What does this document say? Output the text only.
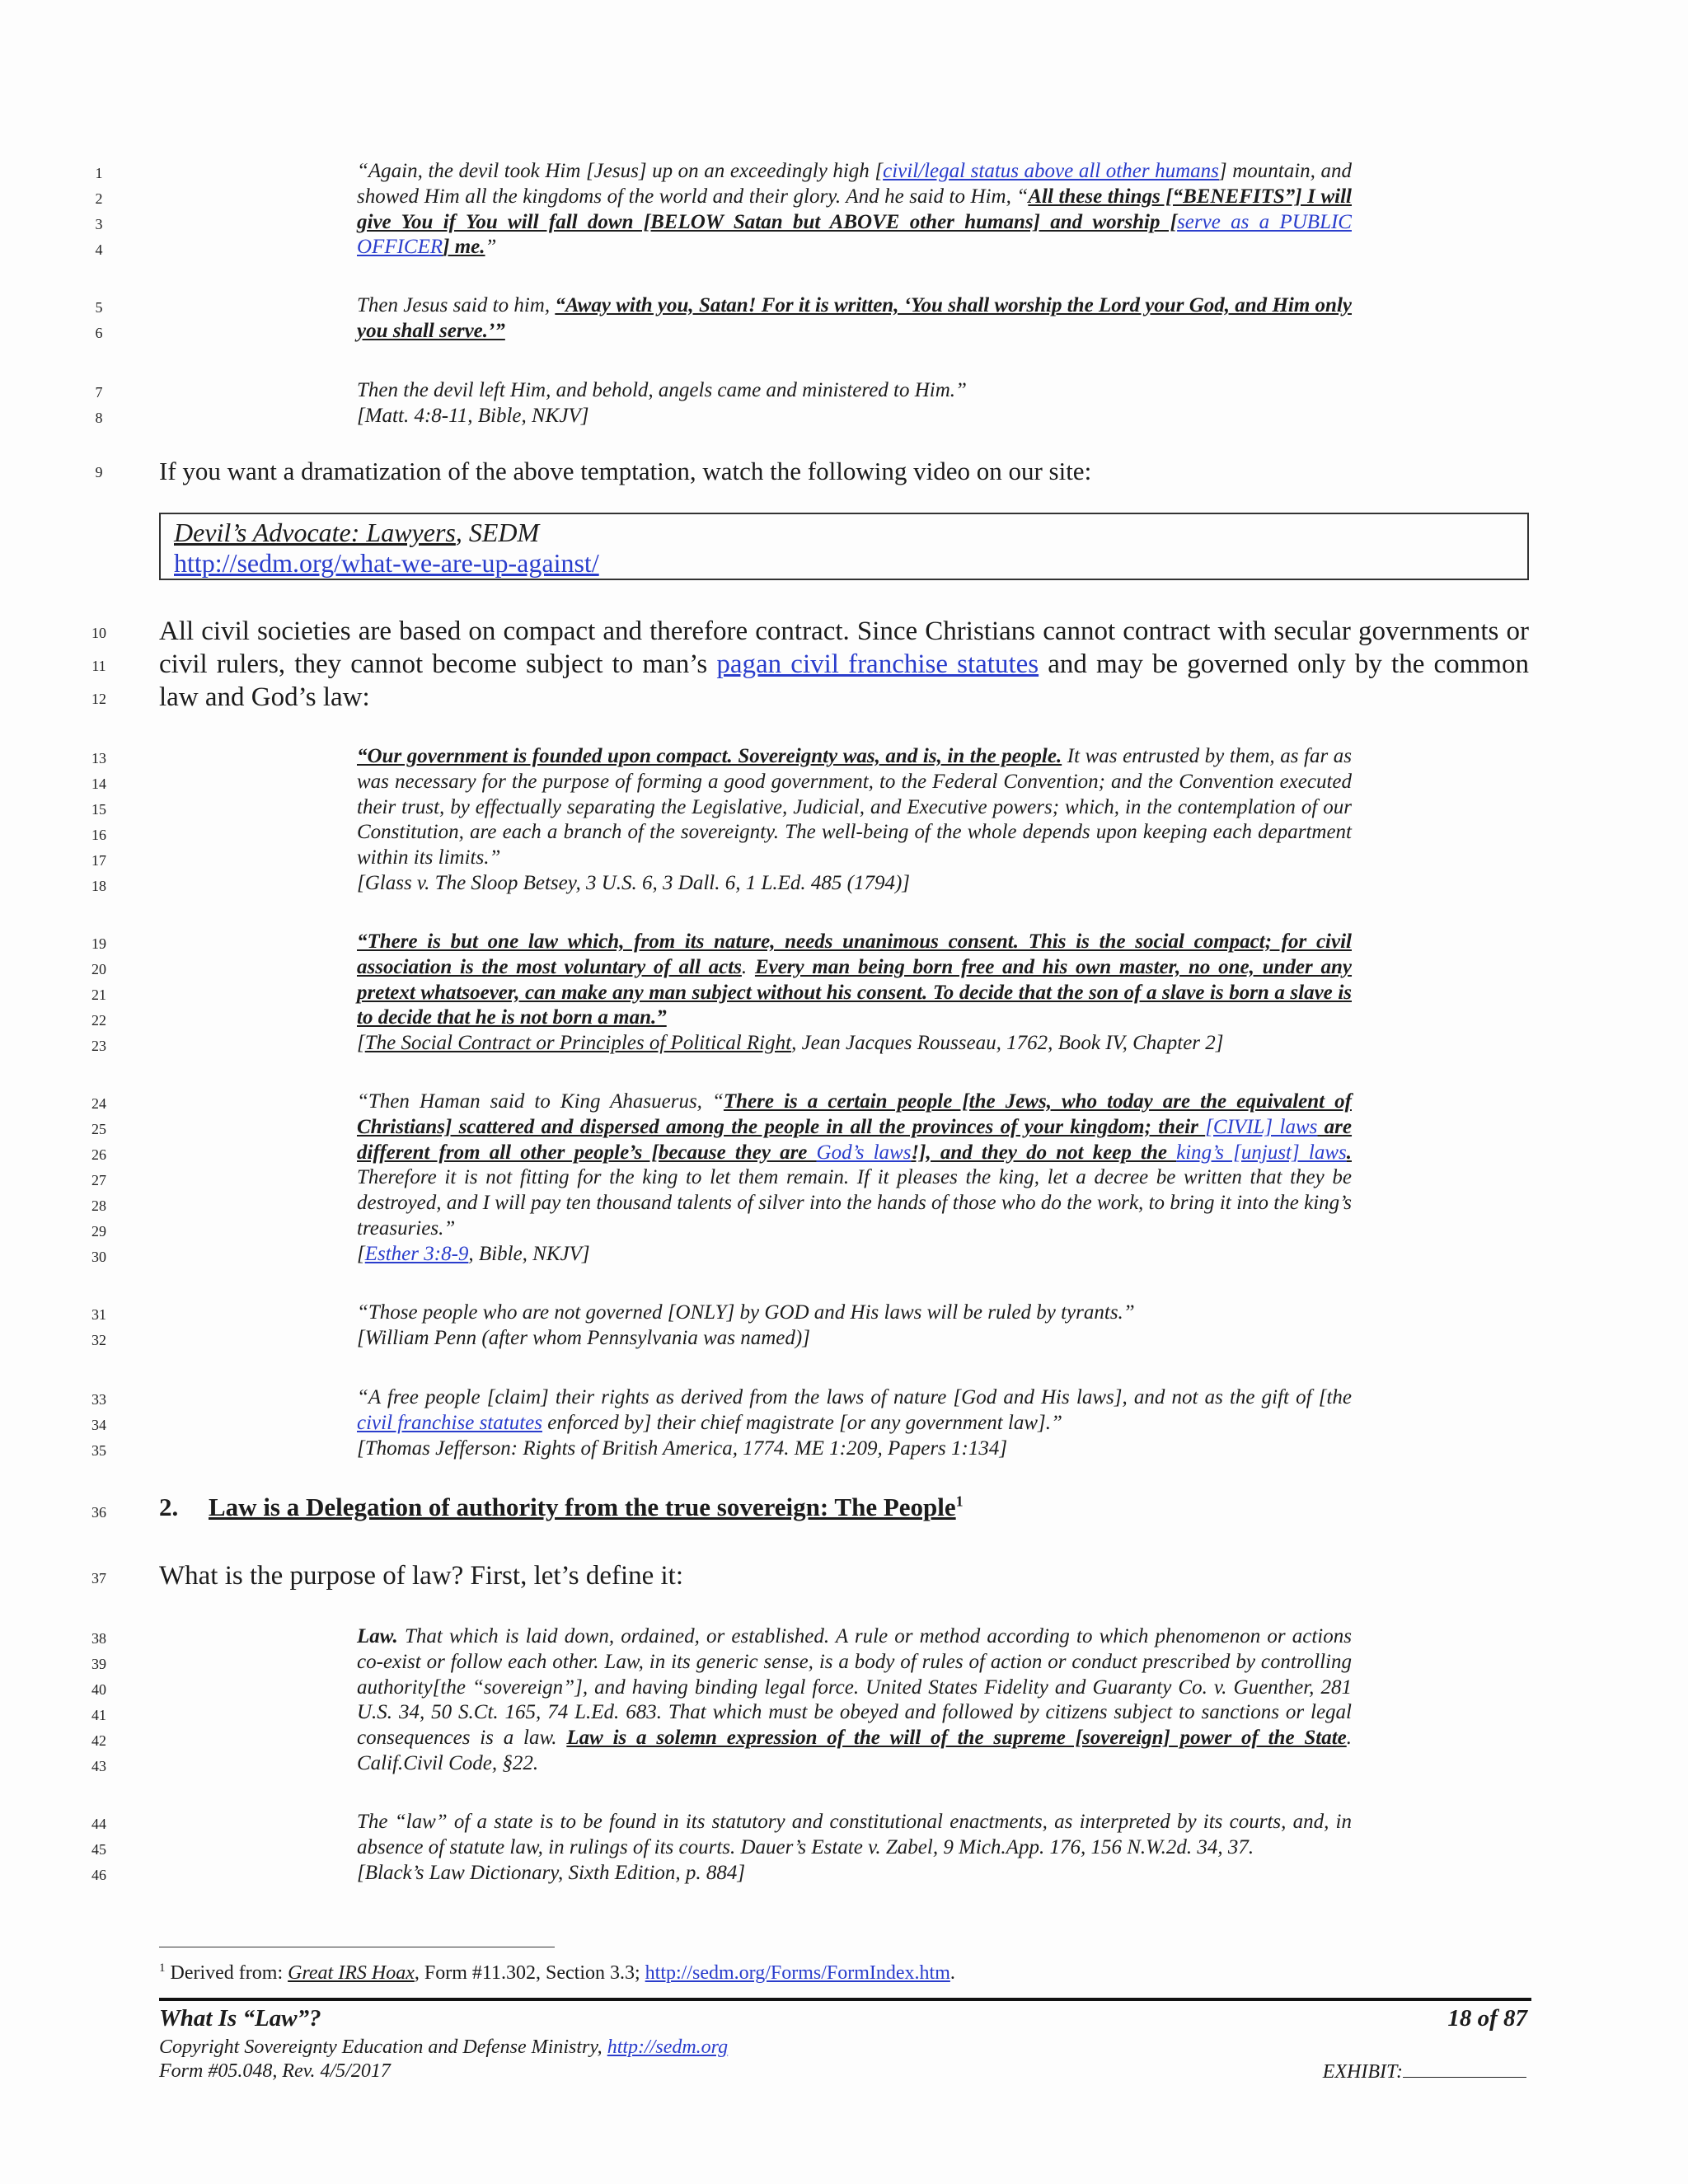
1
2
3
4
5
6
7
8
9
10
11
12
13
14
15
16
17
18
19
20
21
22
23
24
25
26
27
28
29
30
31
32
33
34
35
36
37
38
39
40
41
42
43
44
45
46

“Again, the devil took Him [Jesus] up on an exceedingly high [civil/legal status above all other humans] mountain, and showed Him all the kingdoms of the world and their glory. And he said to Him, “All these things [“BENEFITS”] I will give You if You will fall down [BELOW Satan but ABOVE other humans] and worship [serve as a PUBLIC OFFICER] me.”

Then Jesus said to him, “Away with you, Satan! For it is written, ‘You shall worship the Lord your God, and Him only you shall serve.’”

Then the devil left Him, and behold, angels came and ministered to Him.”
[Matt. 4:8-11, Bible, NKJV]

If you want a dramatization of the above temptation, watch the following video on our site:

Devil’s Advocate: Lawyers, SEDM
http://sedm.org/what-we-are-up-against/

All civil societies are based on compact and therefore contract. Since Christians cannot contract with secular governments or civil rulers, they cannot become subject to man’s pagan civil franchise statutes and may be governed only by the common law and God’s law:

“Our government is founded upon compact. Sovereignty was, and is, in the people. It was entrusted by them, as far as was necessary for the purpose of forming a good government, to the Federal Convention; and the Convention executed their trust, by effectually separating the Legislative, Judicial, and Executive powers; which, in the contemplation of our Constitution, are each a branch of the sovereignty. The well-being of the whole depends upon keeping each department within its limits.”
[Glass v. The Sloop Betsey, 3 U.S. 6, 3 Dall. 6, 1 L.Ed. 485 (1794)]

“There is but one law which, from its nature, needs unanimous consent. This is the social compact; for civil association is the most voluntary of all acts. Every man being born free and his own master, no one, under any pretext whatsoever, can make any man subject without his consent. To decide that the son of a slave is born a slave is to decide that he is not born a man.”
[The Social Contract or Principles of Political Right, Jean Jacques Rousseau, 1762, Book IV, Chapter 2]

“Then Haman said to King Ahasuerus, “There is a certain people [the Jews, who today are the equivalent of Christians] scattered and dispersed among the people in all the provinces of your kingdom; their [CIVIL] laws are different from all other people’s [because they are God’s laws!], and they do not keep the king’s [unjust] laws. Therefore it is not fitting for the king to let them remain. If it pleases the king, let a decree be written that they be destroyed, and I will pay ten thousand talents of silver into the hands of those who do the work, to bring it into the king’s treasuries.”
[Esther 3:8-9, Bible, NKJV]

“Those people who are not governed [ONLY] by GOD and His laws will be ruled by tyrants.”
[William Penn (after whom Pennsylvania was named)]

“A free people [claim] their rights as derived from the laws of nature [God and His laws], and not as the gift of [the civil franchise statutes enforced by] their chief magistrate [or any government law].”
[Thomas Jefferson: Rights of British America, 1774. ME 1:209, Papers 1:134]

2. Law is a Delegation of authority from the true sovereign: The People$^1$

What is the purpose of law? First, let’s define it:

Law. That which is laid down, ordained, or established. A rule or method according to which phenomenon or actions co-exist or follow each other. Law, in its generic sense, is a body of rules of action or conduct prescribed by controlling authority[the “sovereign”], and having binding legal force. United States Fidelity and Guaranty Co. v. Guenther, 281 U.S. 34, 50 S.Ct. 165, 74 L.Ed. 683. That which must be obeyed and followed by citizens subject to sanctions or legal consequences is a law. Law is a solemn expression of the will of the supreme [sovereign] power of the State. Calif.Civil Code, §22.

The “law” of a state is to be found in its statutory and constitutional enactments, as interpreted by its courts, and, in absence of statute law, in rulings of its courts. Dauer’s Estate v. Zabel, 9 Mich.App. 176, 156 N.W.2d. 34, 37.
[Black’s Law Dictionary, Sixth Edition, p. 884]

$^1$ Derived from: Great IRS Hoax, Form #11.302, Section 3.3; http://sedm.org/Forms/FormIndex.htm.
What Is “Law”?	18 of 87
Copyright Sovereignty Education and Defense Ministry, http://sedm.org
Form #05.048, Rev. 4/5/2017	EXHIBIT:
